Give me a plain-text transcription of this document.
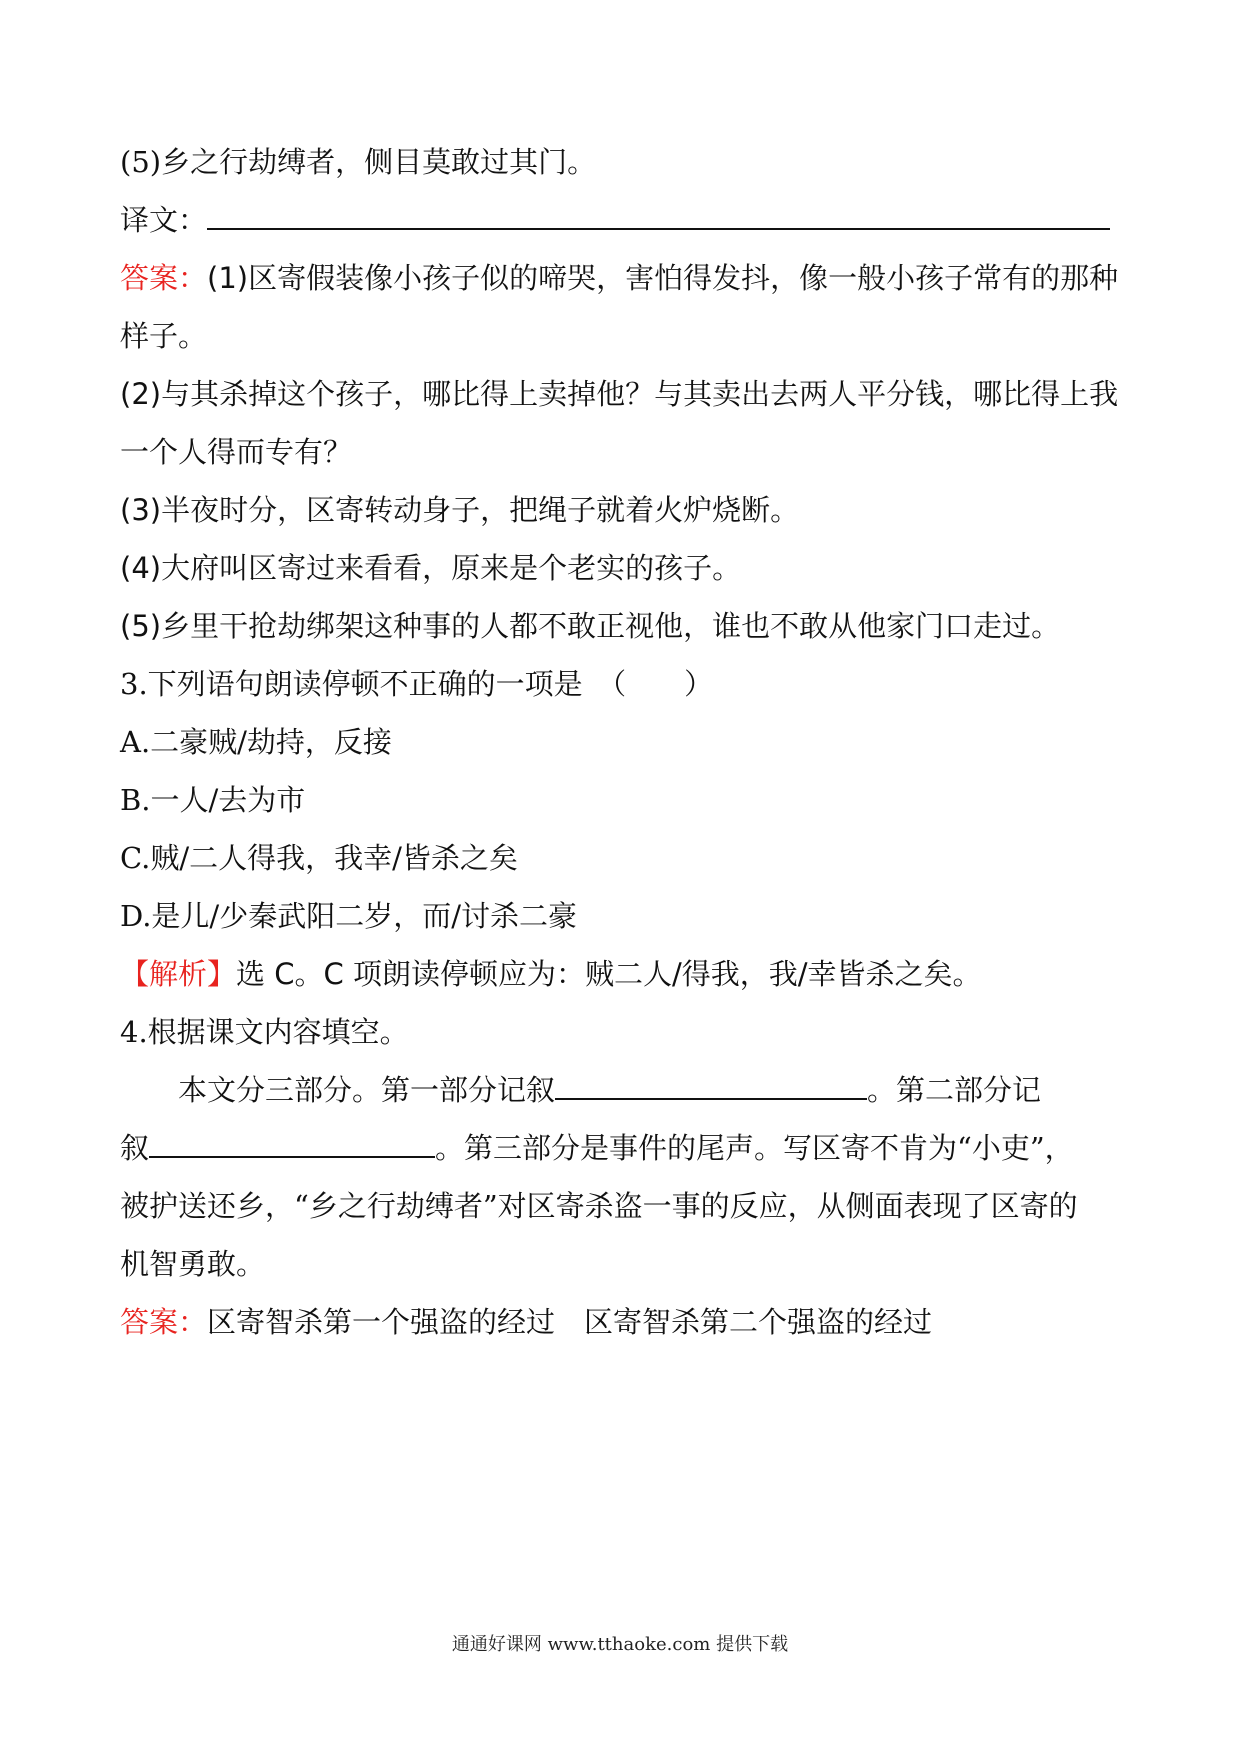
(5)乡之行劫缚者，侧目莫敢过其门。
译文：
答案：(1)区寄假装像小孩子似的啼哭，害怕得发抖，像一般小孩子常有的那种
样子。
(2)与其杀掉这个孩子，哪比得上卖掉他？与其卖出去两人平分钱，哪比得上我
一个人得而专有？
(3)半夜时分，区寄转动身子，把绳子就着火炉烧断。
(4)大府叫区寄过来看看，原来是个老实的孩子。
(5)乡里干抢劫绑架这种事的人都不敢正视他，谁也不敢从他家门口走过。
3.下列语句朗读停顿不正确的一项是　（　　）
A.二豪贼/劫持，反接
B.一人/去为市
C.贼/二人得我，我幸/皆杀之矣
D.是儿/少秦武阳二岁，而/讨杀二豪
【解析】选 C。C 项朗读停顿应为：贼二人/得我，我/幸皆杀之矣。
4.根据课文内容填空。
本文分三部分。第一部分记叙	。第二部分记
叙	。第三部分是事件的尾声。写区寄不肯为“小吏”，
被护送还乡，“乡之行劫缚者”对区寄杀盗一事的反应，从侧面表现了区寄的
机智勇敢。
答案：区寄智杀第一个强盗的经过　区寄智杀第二个强盗的经过
通通好课网 www.tthaoke.com 提供下载
